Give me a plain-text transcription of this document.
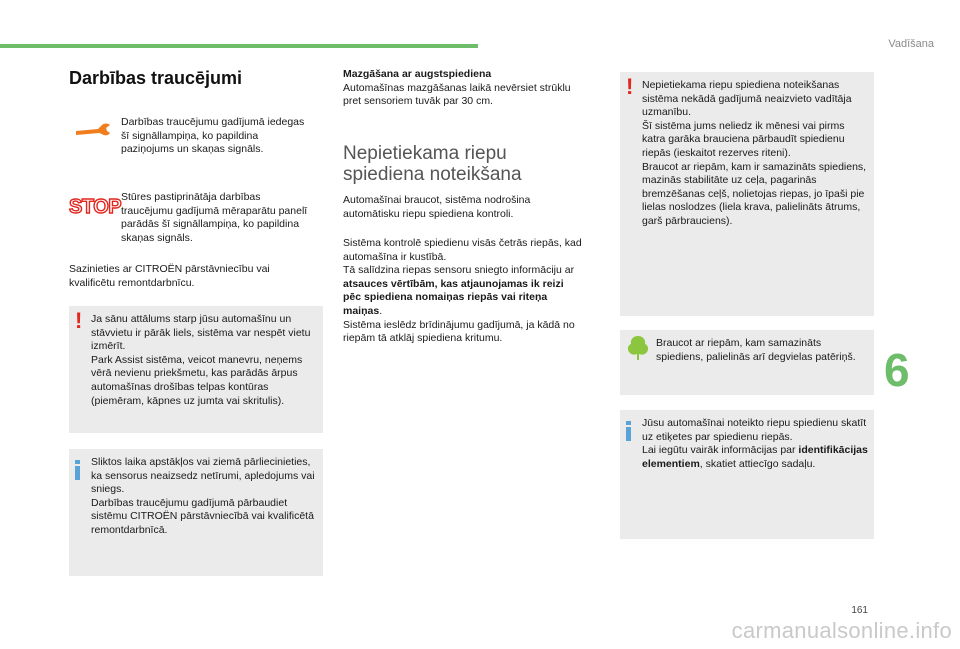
Vadīšana
Darbības traucējumi
Darbības traucējumu gadījumā iedegas šī signāllampiņa, ko papildina paziņojums un skaņas signāls.
STOP Stūres pastiprinātāja darbības traucējumu gadījumā mēraparātu panelī parādās šī signāllampiņa, ko papildina skaņas signāls.
Sazinieties ar CITROËN pārstāvniecību vai kvalificētu remontdarbnīcu.
! Ja sānu attālums starp jūsu automašīnu un stāvvietu ir pārāk liels, sistēma var nespēt vietu izmērīt.

Park Assist sistēma, veicot manevru, neņems vērā nevienu priekšmetu, kas parādās ārpus automašīnas drošības telpas kontūras (piemēram, kāpnes uz jumta vai skritulis).

Sliktos laika apstākļos vai ziemā pārliecinieties, ka sensorus neaizsedz netīrumi, apledojums vai sniegs.

Darbības traucējumu gadījumā pārbaudiet sistēmu CITROËN pārstāvniecībā vai kvalificētā remontdarbnīcā.

Mazgāšana ar augstspiediena
Automašīnas mazgāšanas laikā nevērsiet strūklu pret sensoriem tuvāk par 30 cm.
Nepietiekama riepu spiediena noteikšana
Automašīnai braucot, sistēma nodrošina automātisku riepu spiediena kontroli.
Sistēma kontrolē spiedienu visās četrās riepās, kad automašīna ir kustībā.
Tā salīdzina riepas sensoru sniegto informāciju ar atsauces vērtībām, kas atjaunojamas ik reizi pēc spiediena nomaiņas riepās vai riteņa maiņas.
Sistēma ieslēdz brīdinājumu gadījumā, ja kādā no riepām tā atklāj spiediena kritumu.
! Nepietiekama riepu spiediena noteikšanas sistēma nekādā gadījumā neaizvieto vadītāja uzmanību.

Šī sistēma jums neliedz ik mēnesi vai pirms katra garāka brauciena pārbaudīt spiedienu riepās (ieskaitot rezerves riteni).

Braucot ar riepām, kam ir samazināts spiediens, mazinās stabilitāte uz ceļa, pagarinās bremzēšanas ceļš, nolietojas riepas, jo īpaši pie lielas noslodzes (liela krava, palielināts ātrums, garš pārbrauciens).

Braucot ar riepām, kam samazināts spiediens, palielinās arī degvielas patēriņš.

Jūsu automašīnai noteikto riepu spiedienu skatīt uz etiķetes par spiedienu riepās.

Lai iegūtu vairāk informācijas par identifikācijas elementiem, skatiet attiecīgo sadaļu.

6
161
carmanualsonline.info
